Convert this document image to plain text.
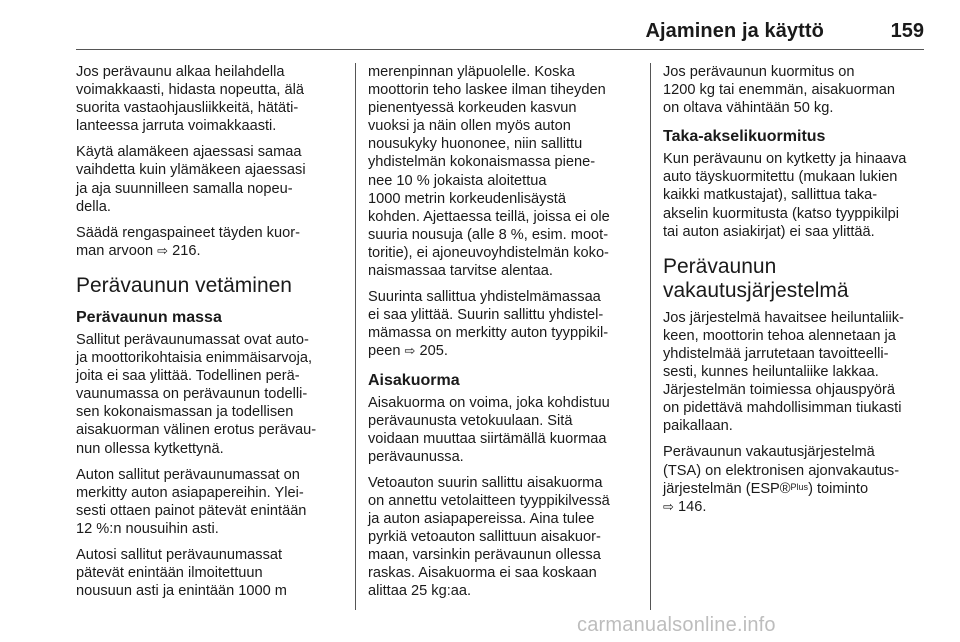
Ajaminen ja käyttö	159

Jos perävaunu alkaa heilahdella
voimakkaasti, hidasta nopeutta, älä
suorita vastaohjausliikkeitä, hätäti-
lanteessa jarruta voimakkaasti.

Käytä alamäkeen ajaessasi samaa
vaihdetta kuin ylämäkeen ajaessasi
ja aja suunnilleen samalla nopeu-
della.

Säädä rengaspaineet täyden kuor-
man arvoon ⇨ 216.

Perävaunun vetäminen
Perävaunun massa

Sallitut perävaunumassat ovat auto-
ja moottorikohtaisia enimmäisarvoja,
joita ei saa ylittää. Todellinen perä-
vaunumassa on perävaunun todelli-
sen kokonaismassan ja todellisen
aisakuorman välinen erotus perävau-
nun ollessa kytkettynä.

Auton sallitut perävaunumassat on
merkitty auton asiapapereihin. Ylei-
sesti ottaen painot pätevät enintään
12 %:n nousuihin asti.

Autosi sallitut perävaunumassat
pätevät enintään ilmoitettuun
nousuun asti ja enintään 1000 m

merenpinnan yläpuolelle. Koska
moottorin teho laskee ilman tiheyden
pienentyessä korkeuden kasvun
vuoksi ja näin ollen myös auton
nousukyky huononee, niin sallittu
yhdistelmän kokonaismassa piene-
nee 10 % jokaista aloitettua
1000 metrin korkeudenlisäystä
kohden. Ajettaessa teillä, joissa ei ole
suuria nousuja (alle 8 %, esim. moot-
toritie), ei ajoneuvoyhdistelmän koko-
naismassaa tarvitse alentaa.

Suurinta sallittua yhdistelmämassaa
ei saa ylittää. Suurin sallittu yhdistel-
mämassa on merkitty auton tyyppikil-
peen ⇨ 205.

Aisakuorma

Aisakuorma on voima, joka kohdistuu
perävaunusta vetokuulaan. Sitä
voidaan muuttaa siirtämällä kuormaa
perävaunussa.

Vetoauton suurin sallittu aisakuorma
on annettu vetolaitteen tyyppikilvessä
ja auton asiapapereissa. Aina tulee
pyrkiä vetoauton sallittuun aisakuor-
maan, varsinkin perävaunun ollessa
raskas. Aisakuorma ei saa koskaan
alittaa 25 kg:aa.

Jos perävaunun kuormitus on
1200 kg tai enemmän, aisakuorman
on oltava vähintään 50 kg.

Taka-akselikuormitus

Kun perävaunu on kytketty ja hinaava
auto täyskuormitettu (mukaan lukien
kaikki matkustajat), sallittua taka-
akselin kuormitusta (katso tyyppikilpi
tai auton asiakirjat) ei saa ylittää.

Perävaunun
vakautusjärjestelmä

Jos järjestelmä havaitsee heiluntaliik-
keen, moottorin tehoa alennetaan ja
yhdistelmää jarrutetaan tavoitteelli-
sesti, kunnes heiluntaliike lakkaa.
Järjestelmän toimiessa ohjauspyörä
on pidettävä mahdollisimman tiukasti
paikallaan.

Perävaunun vakautusjärjestelmä
(TSA) on elektronisen ajonvakautus-
järjestelmän (ESP®$^{Plus}$) toiminto
⇨ 146.

carmanualsonline.info
